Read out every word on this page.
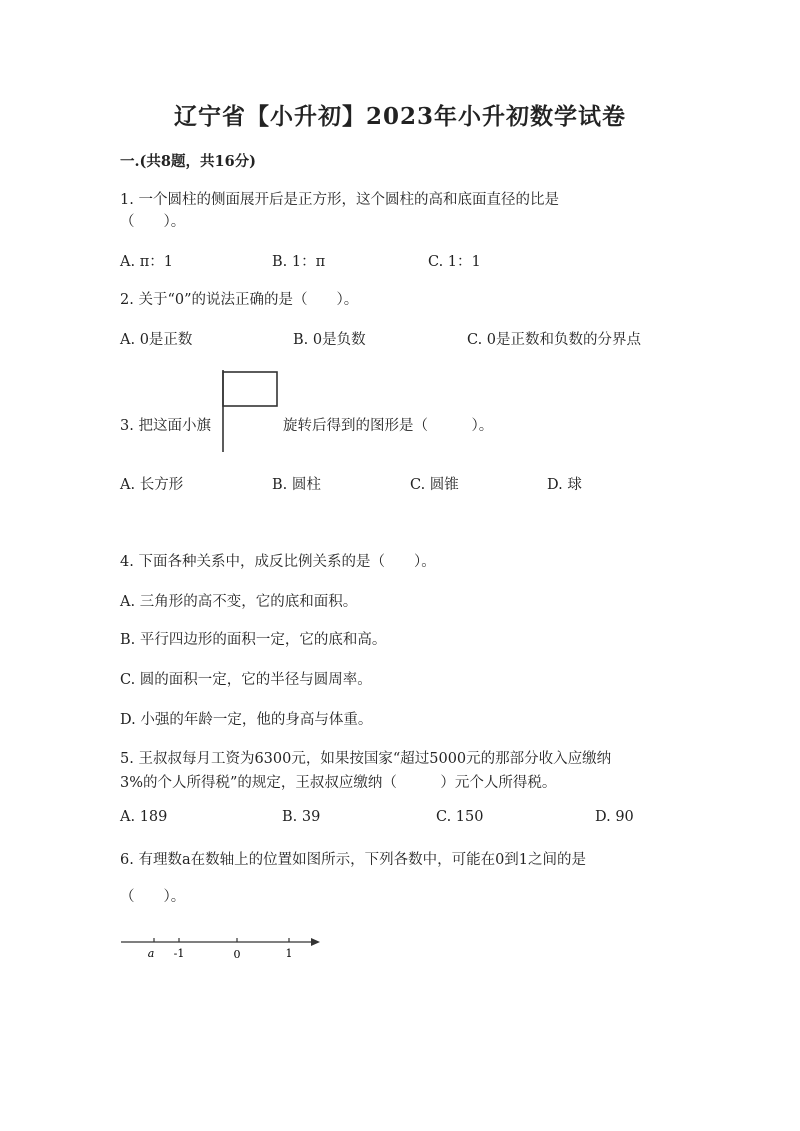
辽宁省【小升初】2023年小升初数学试卷
一.(共8题，共16分)
1. 一个圆柱的侧面展开后是正方形，这个圆柱的高和底面直径的比是
（　　）。
A. π：1	B. 1：π	C. 1：1
2. 关于“0”的说法正确的是（　　）。
A. 0是正数	B. 0是负数	C. 0是正数和负数的分界点
3. 把这面小旗	旋转后得到的图形是（　　　）。
A. 长方形	B. 圆柱	C. 圆锥	D. 球
4. 下面各种关系中，成反比例关系的是（　　）。
A. 三角形的高不变，它的底和面积。
B. 平行四边形的面积一定，它的底和高。
C. 圆的面积一定，它的半径与圆周率。
D. 小强的年龄一定，他的身高与体重。
5. 王叔叔每月工资为6300元，如果按国家“超过5000元的那部分收入应缴纳
3%的个人所得税”的规定，王叔叔应缴纳（　　　）元个人所得税。
A. 189	B. 39	C. 150	D. 90
6. 有理数a在数轴上的位置如图所示，下列各数中，可能在0到1之间的是
（　　）。
a -1	0	1
